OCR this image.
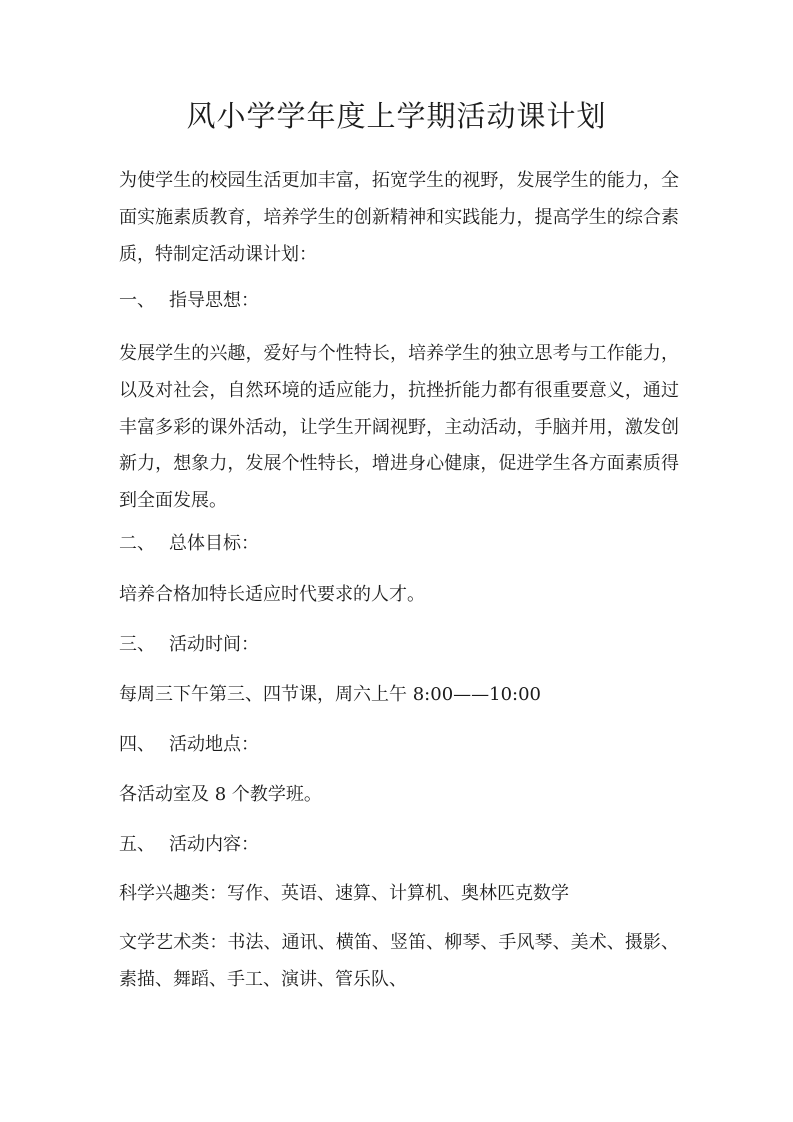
风小学学年度上学期活动课计划

为使学生的校园生活更加丰富，拓宽学生的视野，发展学生的能力，全面实施素质教育，培养学生的创新精神和实践能力，提高学生的综合素质，特制定活动课计划：

一、 指导思想：

发展学生的兴趣，爱好与个性特长，培养学生的独立思考与工作能力，以及对社会，自然环境的适应能力，抗挫折能力都有很重要意义，通过丰富多彩的课外活动，让学生开阔视野，主动活动，手脑并用，激发创新力，想象力，发展个性特长，增进身心健康，促进学生各方面素质得到全面发展。

二、 总体目标：

培养合格加特长适应时代要求的人才。

三、 活动时间：

每周三下午第三、四节课，周六上午 8:00——10:00

四、 活动地点：

各活动室及 8 个教学班。

五、 活动内容：

科学兴趣类：写作、英语、速算、计算机、奥林匹克数学

文学艺术类：书法、通讯、横笛、竖笛、柳琴、手风琴、美术、摄影、素描、舞蹈、手工、演讲、管乐队、
